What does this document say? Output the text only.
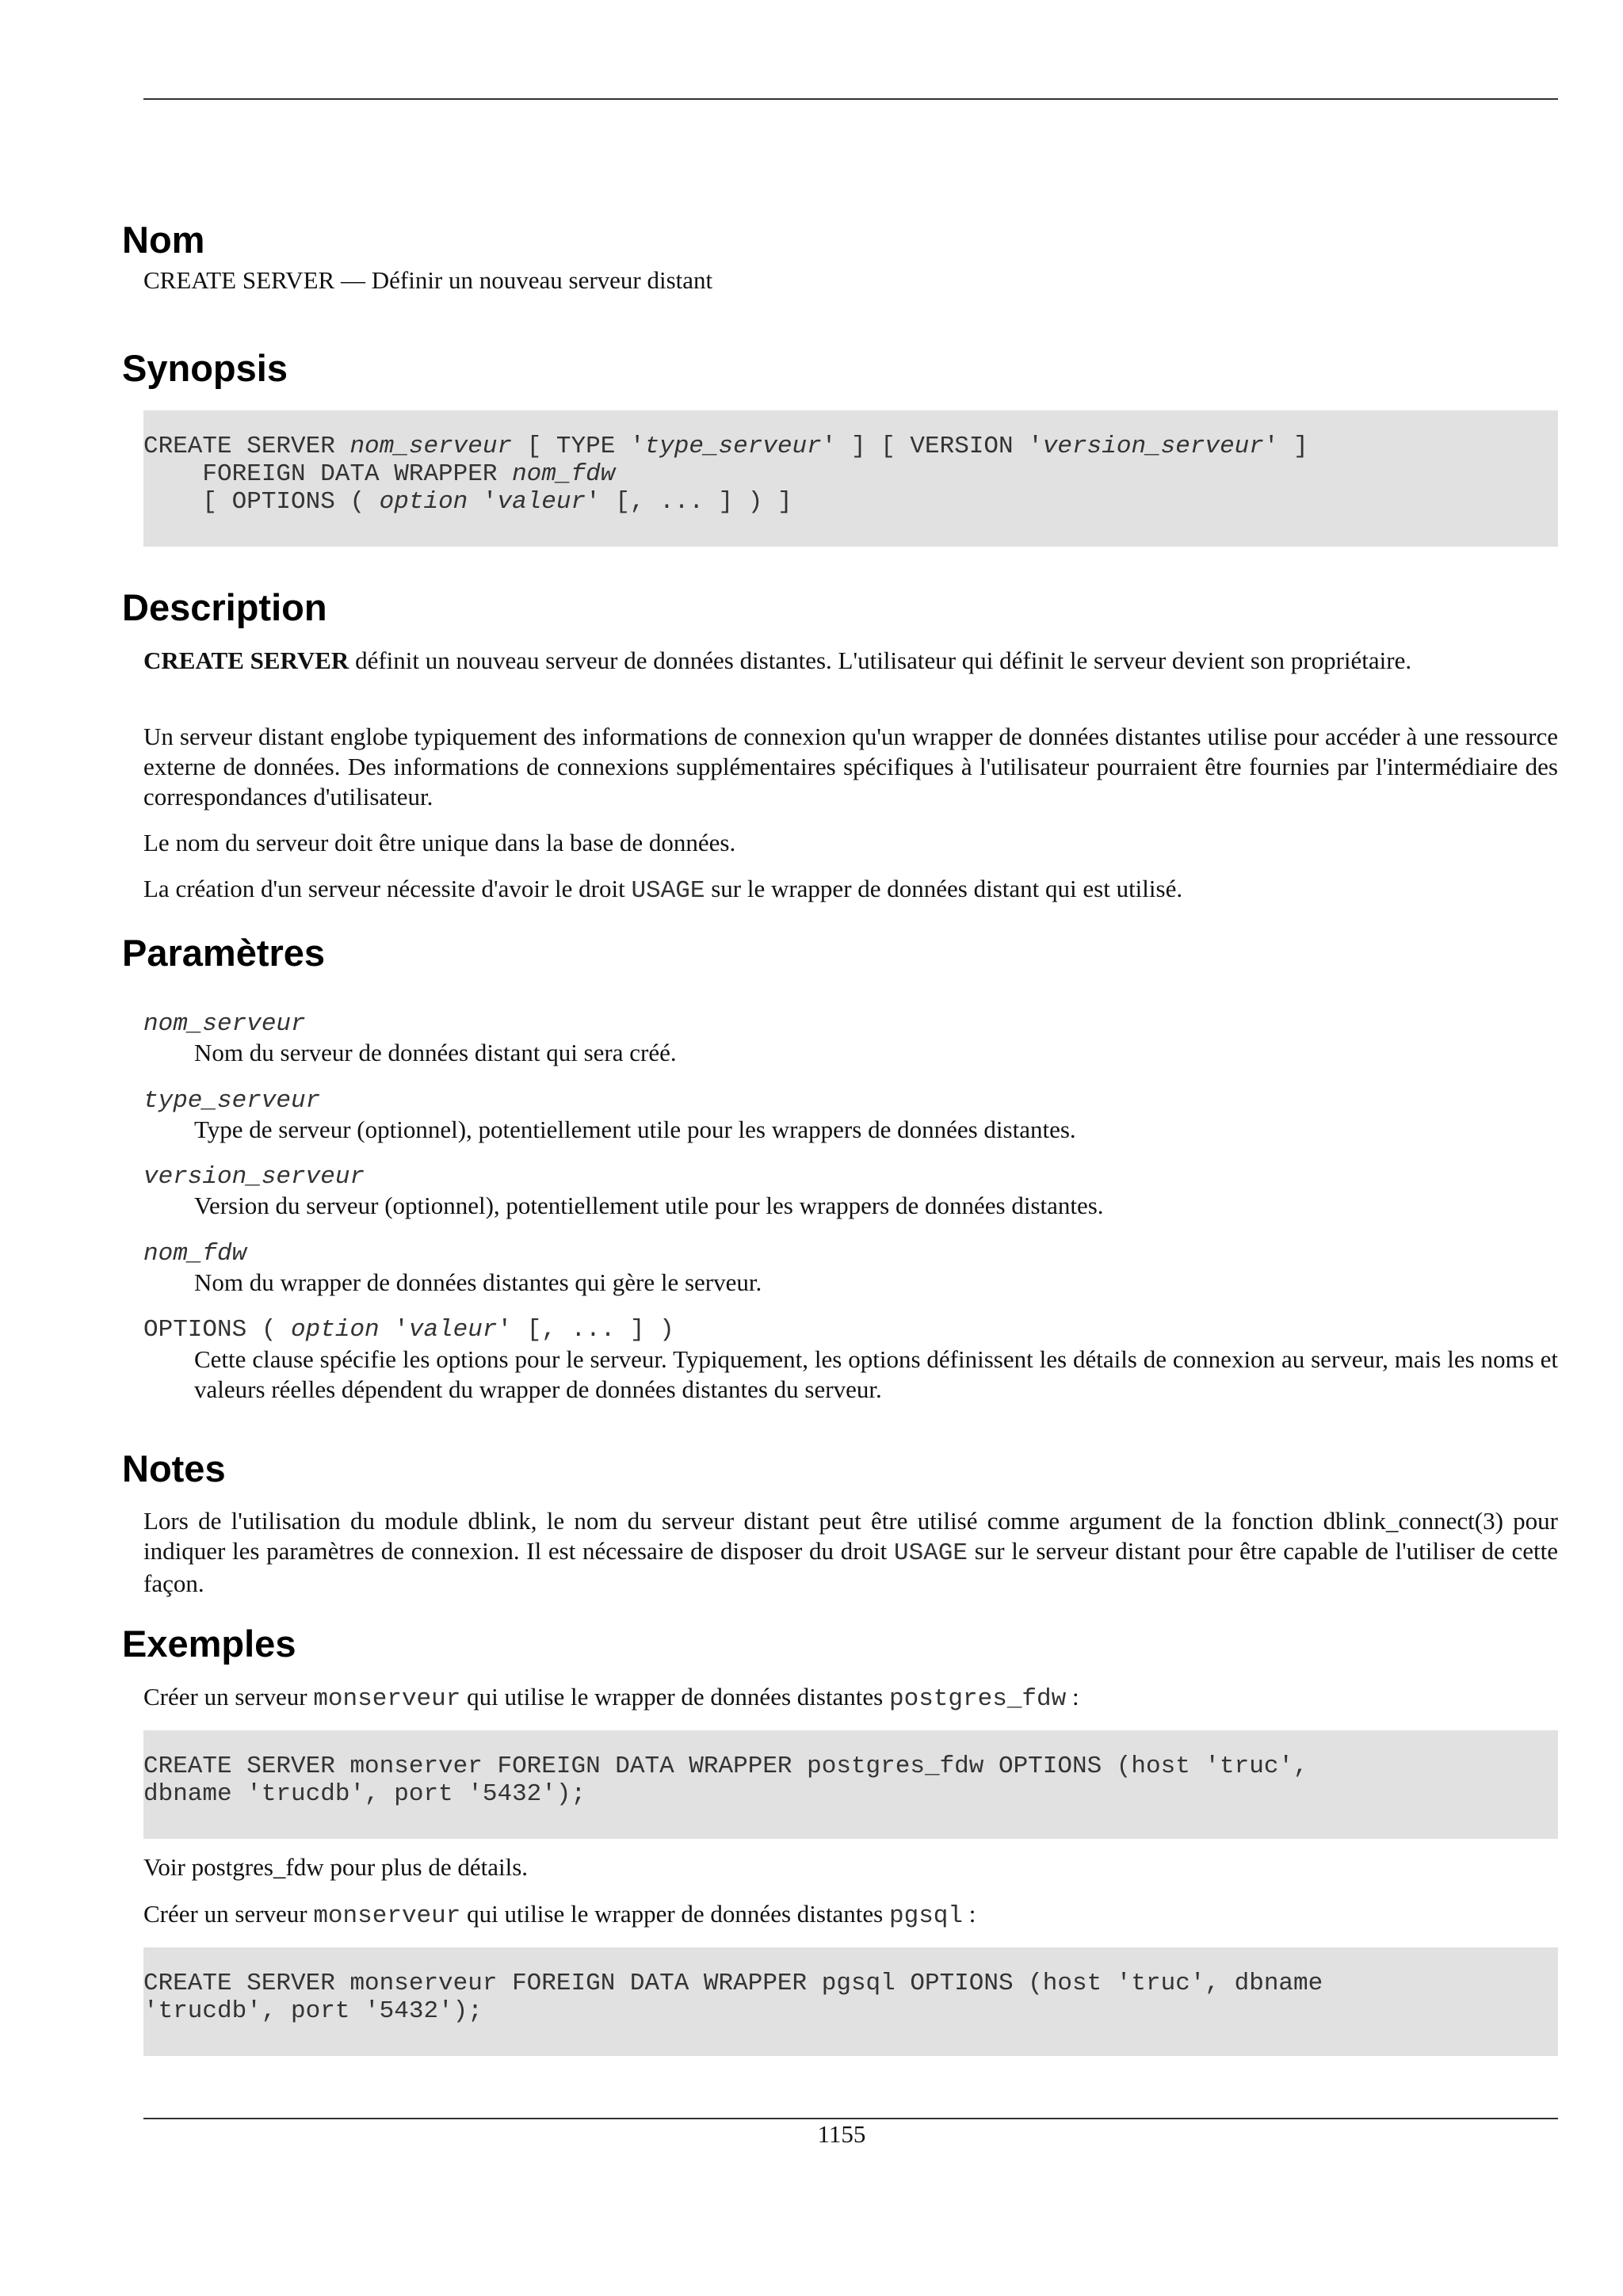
Nom

CREATE SERVER — Définir un nouveau serveur distant

Synopsis
CREATE SERVER nom_serveur [ TYPE 'type_serveur' ] [ VERSION 'version_serveur' ]
FOREIGN DATA WRAPPER nom_fdw
[ OPTIONS ( option 'valeur' [, ... ] ) ]
Description

CREATE SERVER définit un nouveau serveur de données distantes. L'utilisateur qui définit le serveur devient son propriétaire.

Un serveur distant englobe typiquement des informations de connexion qu'un wrapper de données distantes utilise pour accéder à une ressource externe de données. Des informations de connexions supplémentaires spécifiques à l'utilisateur pourraient être fournies par l'intermédiaire des correspondances d'utilisateur.

Le nom du serveur doit être unique dans la base de données.

La création d'un serveur nécessite d'avoir le droit USAGE sur le wrapper de données distant qui est utilisé.

Paramètres
nom_serveur

Nom du serveur de données distant qui sera créé.

type_serveur

Type de serveur (optionnel), potentiellement utile pour les wrappers de données distantes.

version_serveur

Version du serveur (optionnel), potentiellement utile pour les wrappers de données distantes.

nom_fdw

Nom du wrapper de données distantes qui gère le serveur.

OPTIONS ( option 'valeur' [, ... ] )

Cette clause spécifie les options pour le serveur. Typiquement, les options définissent les détails de connexion au serveur, mais les noms et valeurs réelles dépendent du wrapper de données distantes du serveur.

Notes

Lors de l'utilisation du module dblink, le nom du serveur distant peut être utilisé comme argument de la fonction dblink_connect(3) pour indiquer les paramètres de connexion. Il est nécessaire de disposer du droit USAGE sur le serveur distant pour être capable de l'utiliser de cette façon.

Exemples

Créer un serveur monserveur qui utilise le wrapper de données distantes postgres_fdw :

CREATE SERVER monserver FOREIGN DATA WRAPPER postgres_fdw OPTIONS (host 'truc',
dbname 'trucdb', port '5432');

Voir postgres_fdw pour plus de détails.

Créer un serveur monserveur qui utilise le wrapper de données distantes pgsql :

CREATE SERVER monserveur FOREIGN DATA WRAPPER pgsql OPTIONS (host 'truc', dbname
'trucdb', port '5432');
1155
